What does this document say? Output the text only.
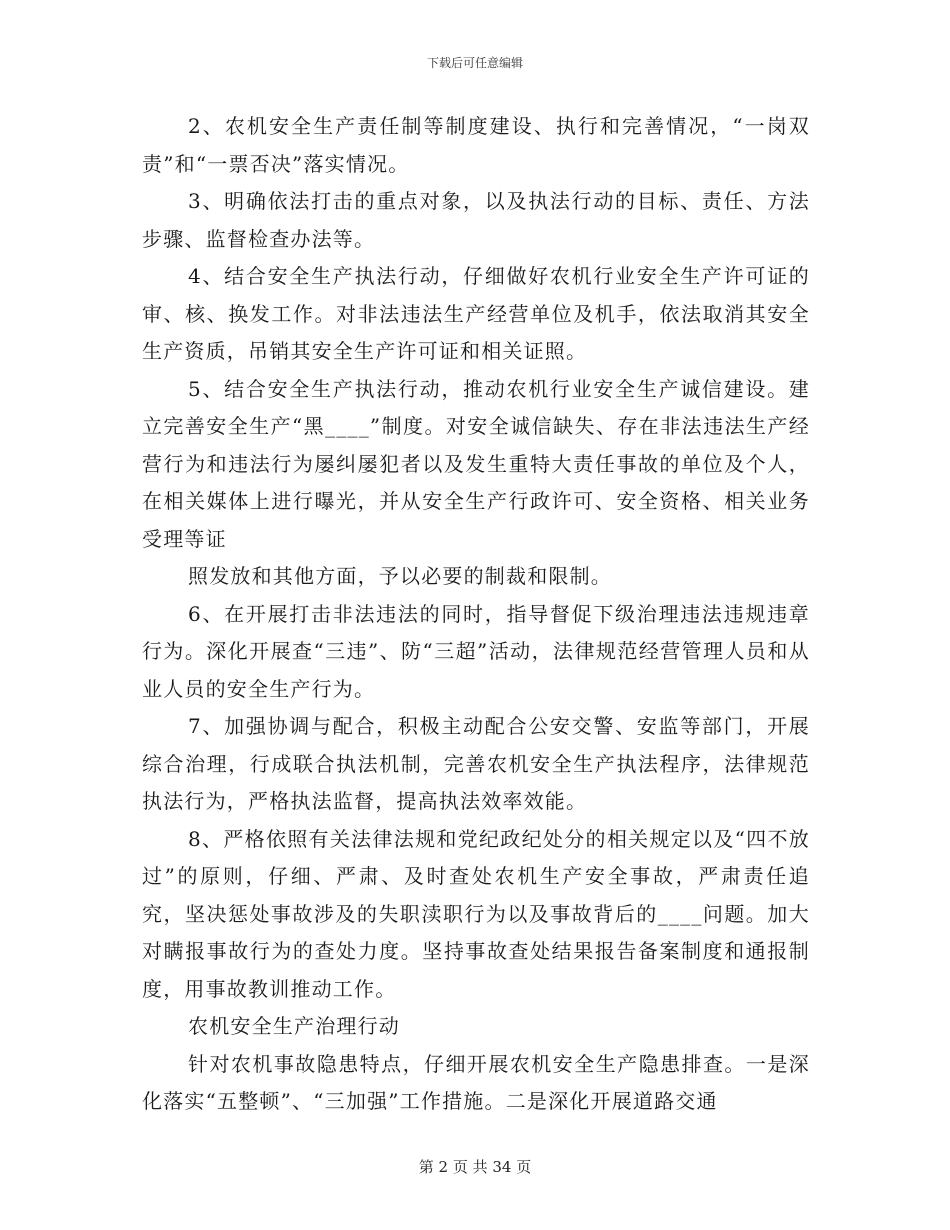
下载后可任意编辑

2、农机安全生产责任制等制度建设、执行和完善情况，“一岗双责”和“一票否决”落实情况。

3、明确依法打击的重点对象，以及执法行动的目标、责任、方法步骤、监督检查办法等。

4、结合安全生产执法行动，仔细做好农机行业安全生产许可证的审、核、换发工作。对非法违法生产经营单位及机手，依法取消其安全生产资质，吊销其安全生产许可证和相关证照。

5、结合安全生产执法行动，推动农机行业安全生产诚信建设。建立完善安全生产“黑____”制度。对安全诚信缺失、存在非法违法生产经营行为和违法行为屡纠屡犯者以及发生重特大责任事故的单位及个人，在相关媒体上进行曝光，并从安全生产行政许可、安全资格、相关业务受理等证

照发放和其他方面，予以必要的制裁和限制。

6、在开展打击非法违法的同时，指导督促下级治理违法违规违章行为。深化开展查“三违”、防“三超”活动，法律规范经营管理人员和从业人员的安全生产行为。

7、加强协调与配合，积极主动配合公安交警、安监等部门，开展综合治理，行成联合执法机制，完善农机安全生产执法程序，法律规范执法行为，严格执法监督，提高执法效率效能。

8、严格依照有关法律法规和党纪政纪处分的相关规定以及“四不放过”的原则，仔细、严肃、及时查处农机生产安全事故，严肃责任追究，坚决惩处事故涉及的失职渎职行为以及事故背后的____问题。加大对瞒报事故行为的查处力度。坚持事故查处结果报告备案制度和通报制度，用事故教训推动工作。

农机安全生产治理行动

针对农机事故隐患特点，仔细开展农机安全生产隐患排查。一是深化落实“五整顿”、“三加强”工作措施。二是深化开展道路交通

第 2 页 共 34 页
